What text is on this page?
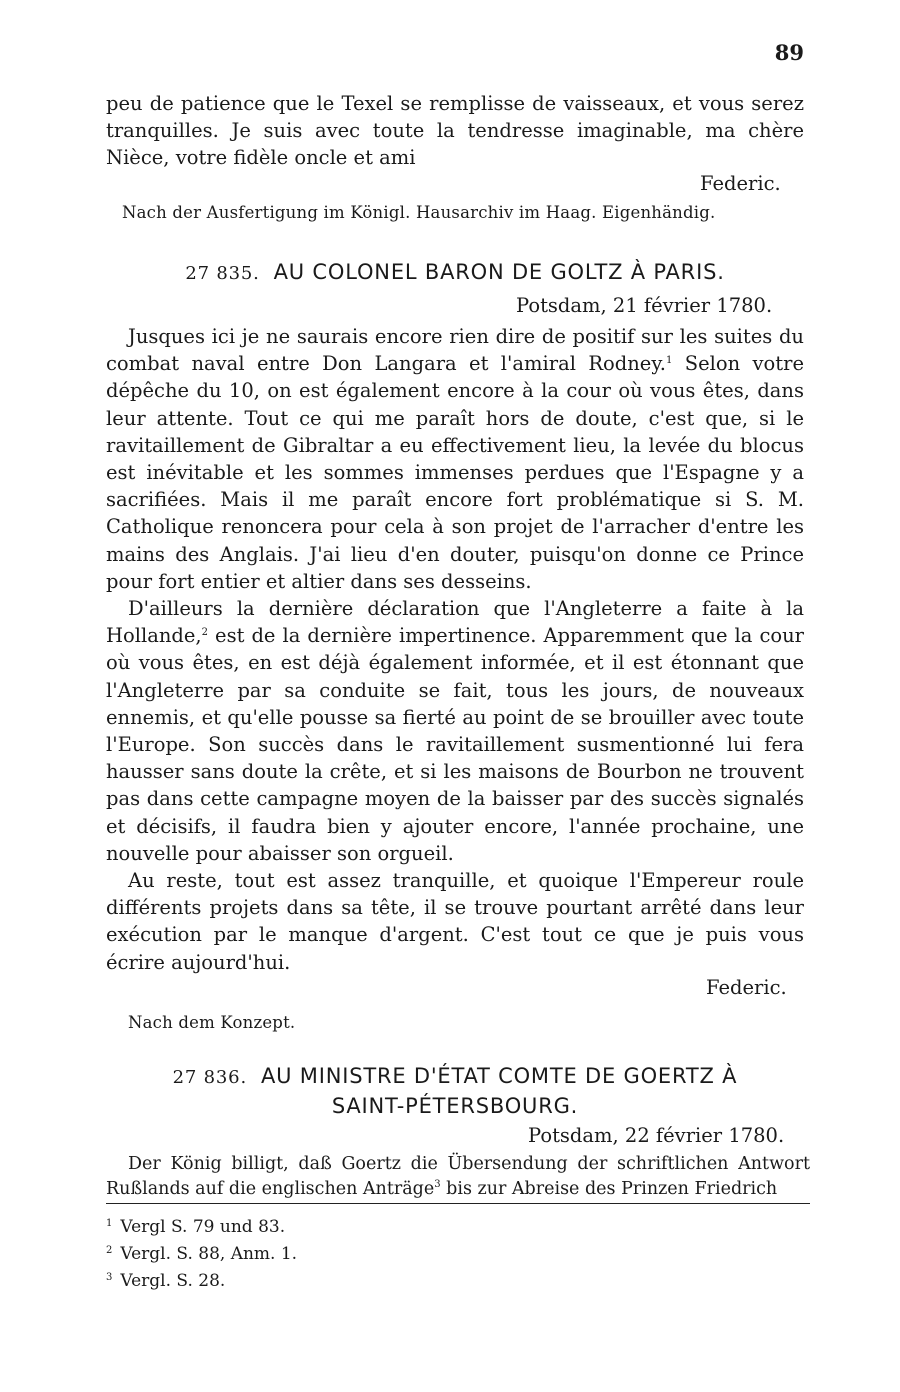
89

peu de patience que le Texel se remplisse de vaisseaux, et vous serez tranquilles. Je suis avec toute la tendresse imaginable, ma chère Nièce, votre fidèle oncle et ami

Federic.
Nach der Ausfertigung im Königl. Hausarchiv im Haag. Eigenhändig.
27 835. AU COLONEL BARON DE GOLTZ À PARIS.
Potsdam, 21 février 1780.

Jusques ici je ne saurais encore rien dire de positif sur les suites du combat naval entre Don Langara et l'amiral Rodney.$^1$ Selon votre dépêche du 10, on est également encore à la cour où vous êtes, dans leur attente. Tout ce qui me paraît hors de doute, c'est que, si le ravitaillement de Gibraltar a eu effectivement lieu, la levée du blocus est inévitable et les sommes immenses perdues que l'Espagne y a sacrifiées. Mais il me paraît encore fort problématique si S. M. Catholique renoncera pour cela à son projet de l'arracher d'entre les mains des Anglais. J'ai lieu d'en douter, puisqu'on donne ce Prince pour fort entier et altier dans ses desseins.

D'ailleurs la dernière déclaration que l'Angleterre a faite à la Hollande,$^2$ est de la dernière impertinence. Apparemment que la cour où vous êtes, en est déjà également informée, et il est étonnant que l'Angleterre par sa conduite se fait, tous les jours, de nouveaux ennemis, et qu'elle pousse sa fierté au point de se brouiller avec toute l'Europe. Son succès dans le ravitaillement susmentionné lui fera hausser sans doute la crête, et si les maisons de Bourbon ne trouvent pas dans cette campagne moyen de la baisser par des succès signalés et décisifs, il faudra bien y ajouter encore, l'année prochaine, une nouvelle pour abaisser son orgueil.

Au reste, tout est assez tranquille, et quoique l'Empereur roule différents projets dans sa tête, il se trouve pourtant arrêté dans leur exécution par le manque d'argent. C'est tout ce que je puis vous écrire aujourd'hui.

Federic.
Nach dem Konzept.
27 836. AU MINISTRE D'ÉTAT COMTE DE GOERTZ À
SAINT-PÉTERSBOURG.
Potsdam, 22 février 1780.

Der König billigt, daß Goertz die Übersendung der schriftlichen Antwort Rußlands auf die englischen Anträge$^3$ bis zur Abreise des Prinzen Friedrich

$^1$ Vergl S. 79 und 83.
$^2$ Vergl. S. 88, Anm. 1.
$^3$ Vergl. S. 28.
